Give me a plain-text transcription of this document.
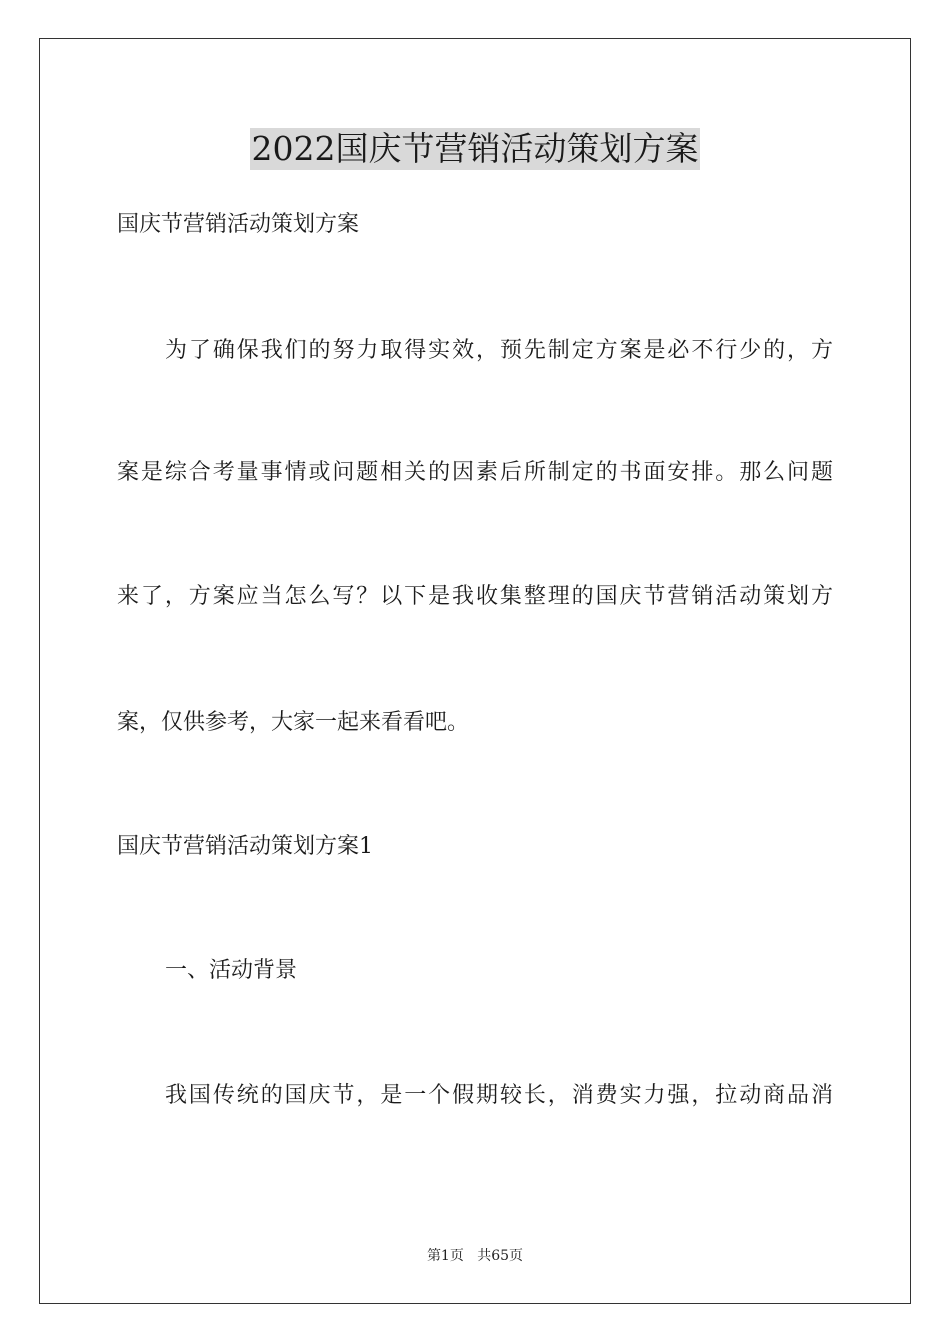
2022国庆节营销活动策划方案
国庆节营销活动策划方案
为了确保我们的努力取得实效，预先制定方案是必不行少的，方
案是综合考量事情或问题相关的因素后所制定的书面安排。那么问题
来了，方案应当怎么写？以下是我收集整理的国庆节营销活动策划方
案，仅供参考，大家一起来看看吧。
国庆节营销活动策划方案1
一、活动背景
我国传统的国庆节，是一个假期较长，消费实力强，拉动商品消
第1页 共65页
